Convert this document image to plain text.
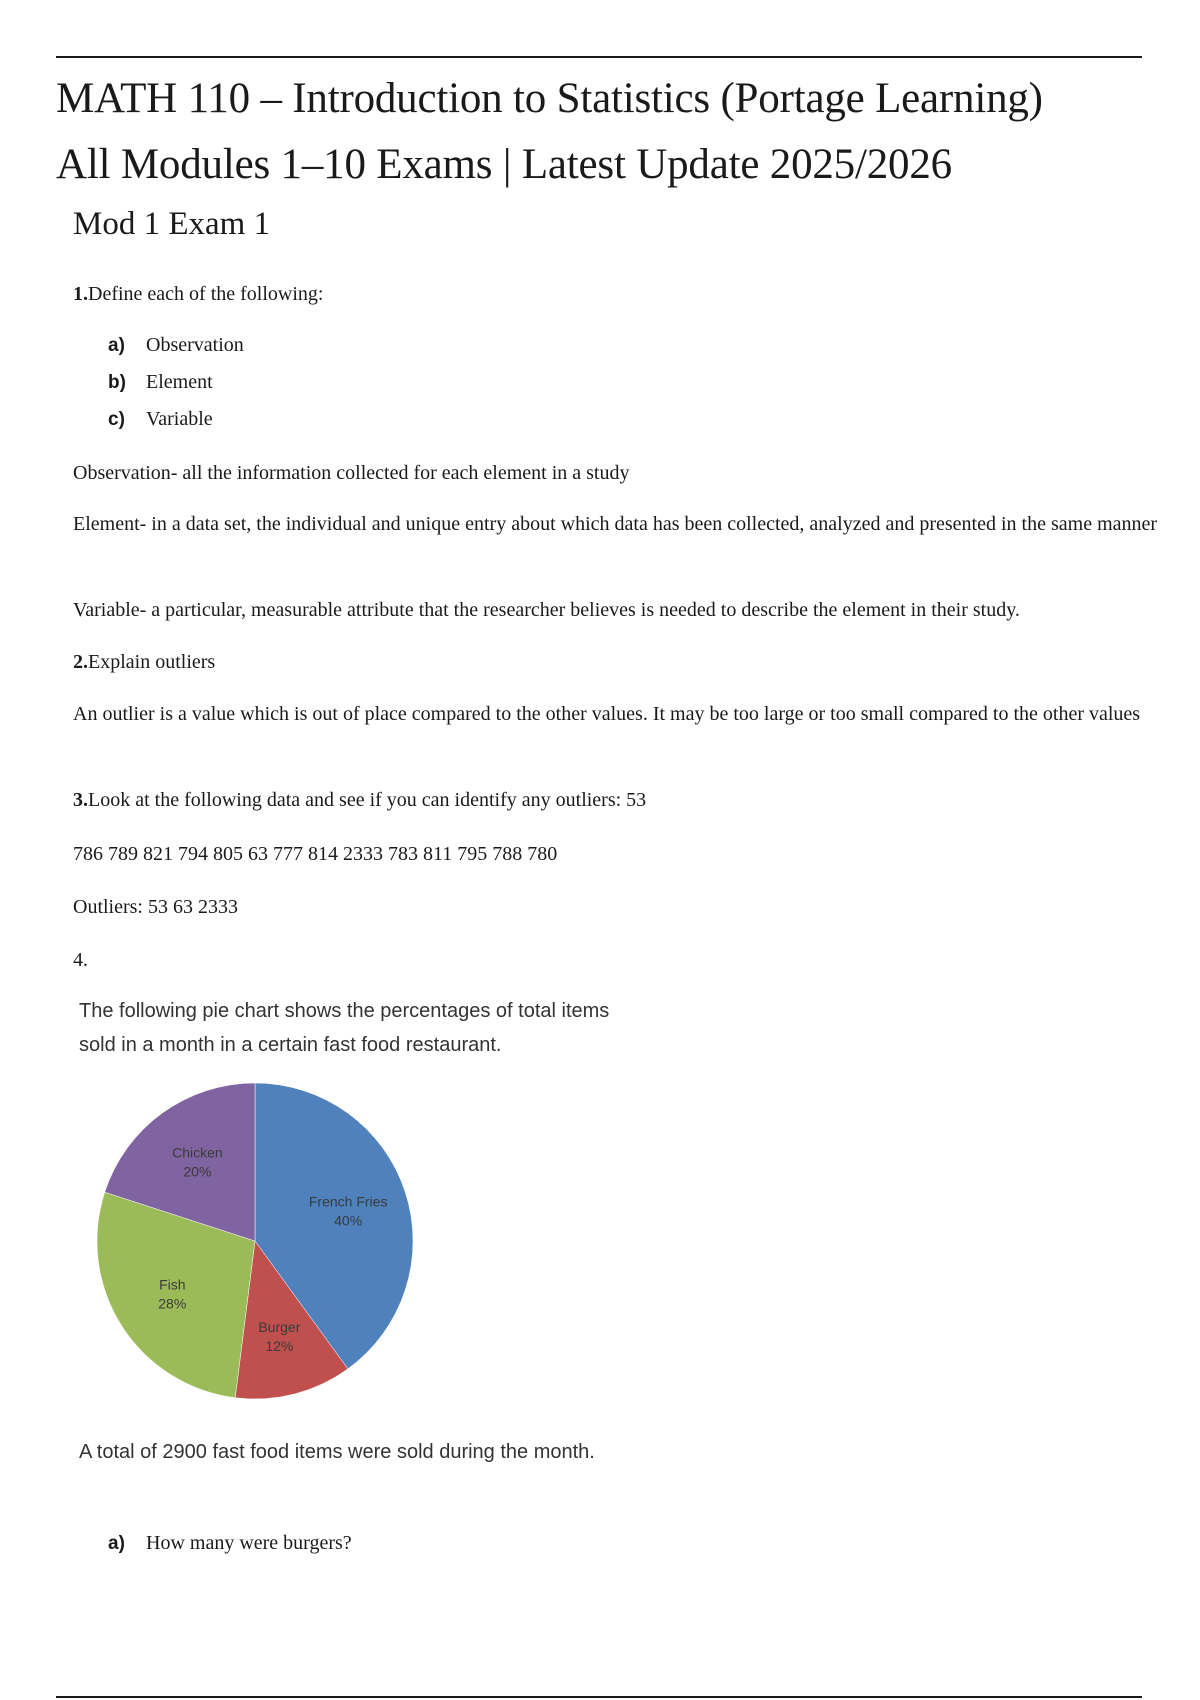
MATH 110 – Introduction to Statistics (Portage Learning)
All Modules 1–10 Exams | Latest Update 2025/2026
Mod 1 Exam 1
1.Define each of the following:
a) Observation
b) Element
c) Variable
Observation- all the information collected for each element in a study
Element- in a data set, the individual and unique entry about which data has been collected, analyzed and presented in the same manner
Variable- a particular, measurable attribute that the researcher believes is needed to describe the element in their study.
2.Explain outliers
An outlier is a value which is out of place compared to the other values. It may be too large or too small compared to the other values
3.Look at the following data and see if you can identify any outliers: 53
786 789 821 794 805 63 777 814 2333 783 811 795 788 780
Outliers: 53 63 2333
4.
The following pie chart shows the percentages of total items sold in a month in a certain fast food restaurant.
French Fries
40%
Burger
12%
Fish
28%
Chicken
20%
A total of 2900 fast food items were sold during the month.
a) How many were burgers?
